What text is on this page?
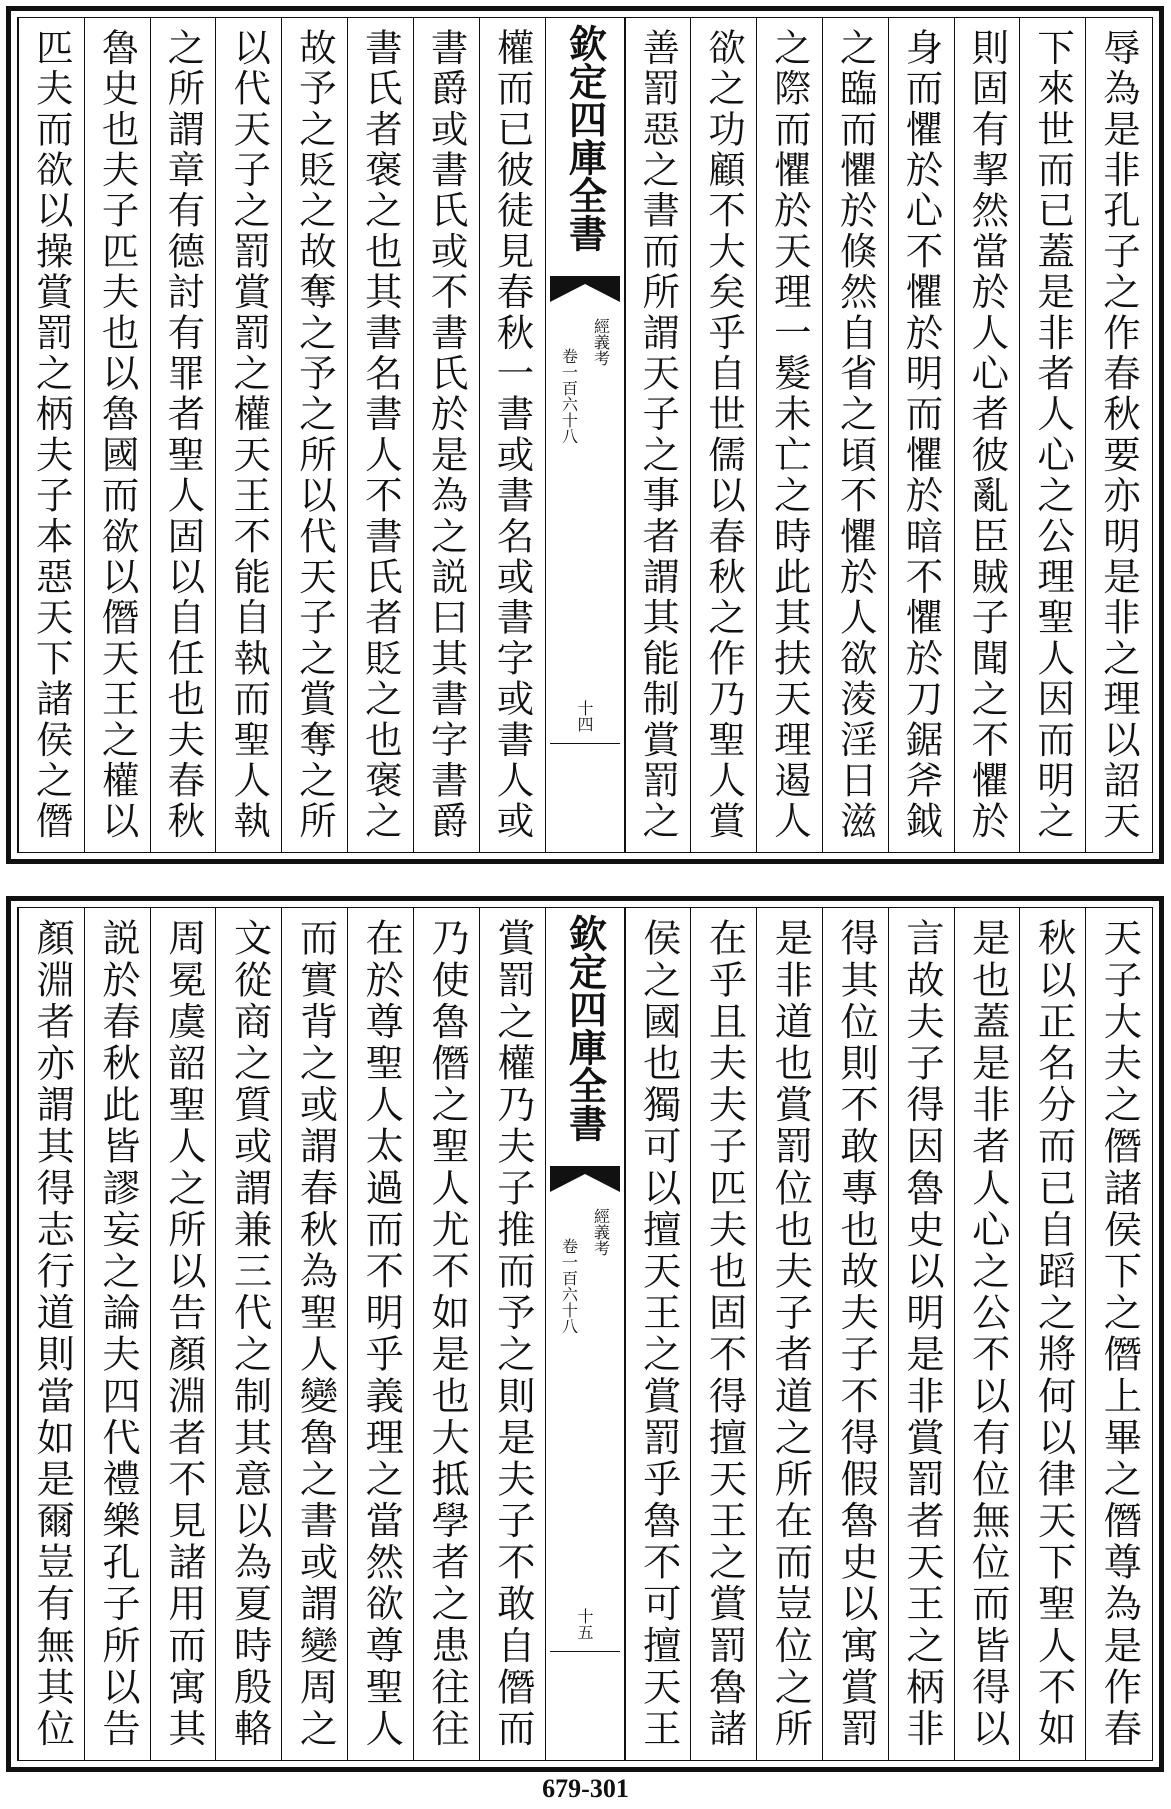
辱為是非孔子之作春秋要亦明是非之理以詔天
下來世而已蓋是非者人心之公理聖人因而明之
則固有挈然當於人心者彼亂臣賊子聞之不懼於
身而懼於心不懼於明而懼於暗不懼於刀鋸斧鉞
之臨而懼於倏然自省之頃不懼於人欲淩淫日滋
之際而懼於天理一髮未亡之時此其扶天理遏人
欲之功顧不大矣乎自世儒以春秋之作乃聖人賞
善罰惡之書而所謂天子之事者謂其能制賞罰之
權而已彼徒見春秋一書或書名或書字或書人或
書爵或書氏或不書氏於是為之説曰其書字書爵
書氏者褒之也其書名書人不書氏者貶之也褒之
故予之貶之故奪之予之所以代天子之賞奪之所
以代天子之罰賞罰之權天王不能自執而聖人執
之所謂章有德討有罪者聖人固以自任也夫春秋
魯史也夫子匹夫也以魯國而欲以僭天王之權以
匹夫而欲以操賞罰之柄夫子本惡天下諸侯之僭	欽定四庫全書
經義考
卷一百六十八
十四
天子大夫之僭諸侯下之僭上畢之僭尊為是作春
秋以正名分而已自蹈之將何以律天下聖人不如
是也蓋是非者人心之公不以有位無位而皆得以
言故夫子得因魯史以明是非賞罰者天王之柄非
得其位則不敢專也故夫子不得假魯史以寓賞罰
是非道也賞罰位也夫子者道之所在而豈位之所
在乎且夫夫子匹夫也固不得擅天王之賞罰魯諸
侯之國也獨可以擅天王之賞罰乎魯不可擅天王
賞罰之權乃夫子推而予之則是夫子不敢自僭而
乃使魯僭之聖人尤不如是也大抵學者之患往往
在於尊聖人太過而不明乎義理之當然欲尊聖人
而實背之或謂春秋為聖人變魯之書或謂變周之
文從商之質或謂兼三代之制其意以為夏時殷輅
周冕虞韶聖人之所以告顏淵者不見諸用而寓其
説於春秋此皆謬妄之論夫四代禮樂孔子所以告
顏淵者亦謂其得志行道則當如是爾豈有無其位	欽定四庫全書
經義考
卷一百六十八
十五
679-301
